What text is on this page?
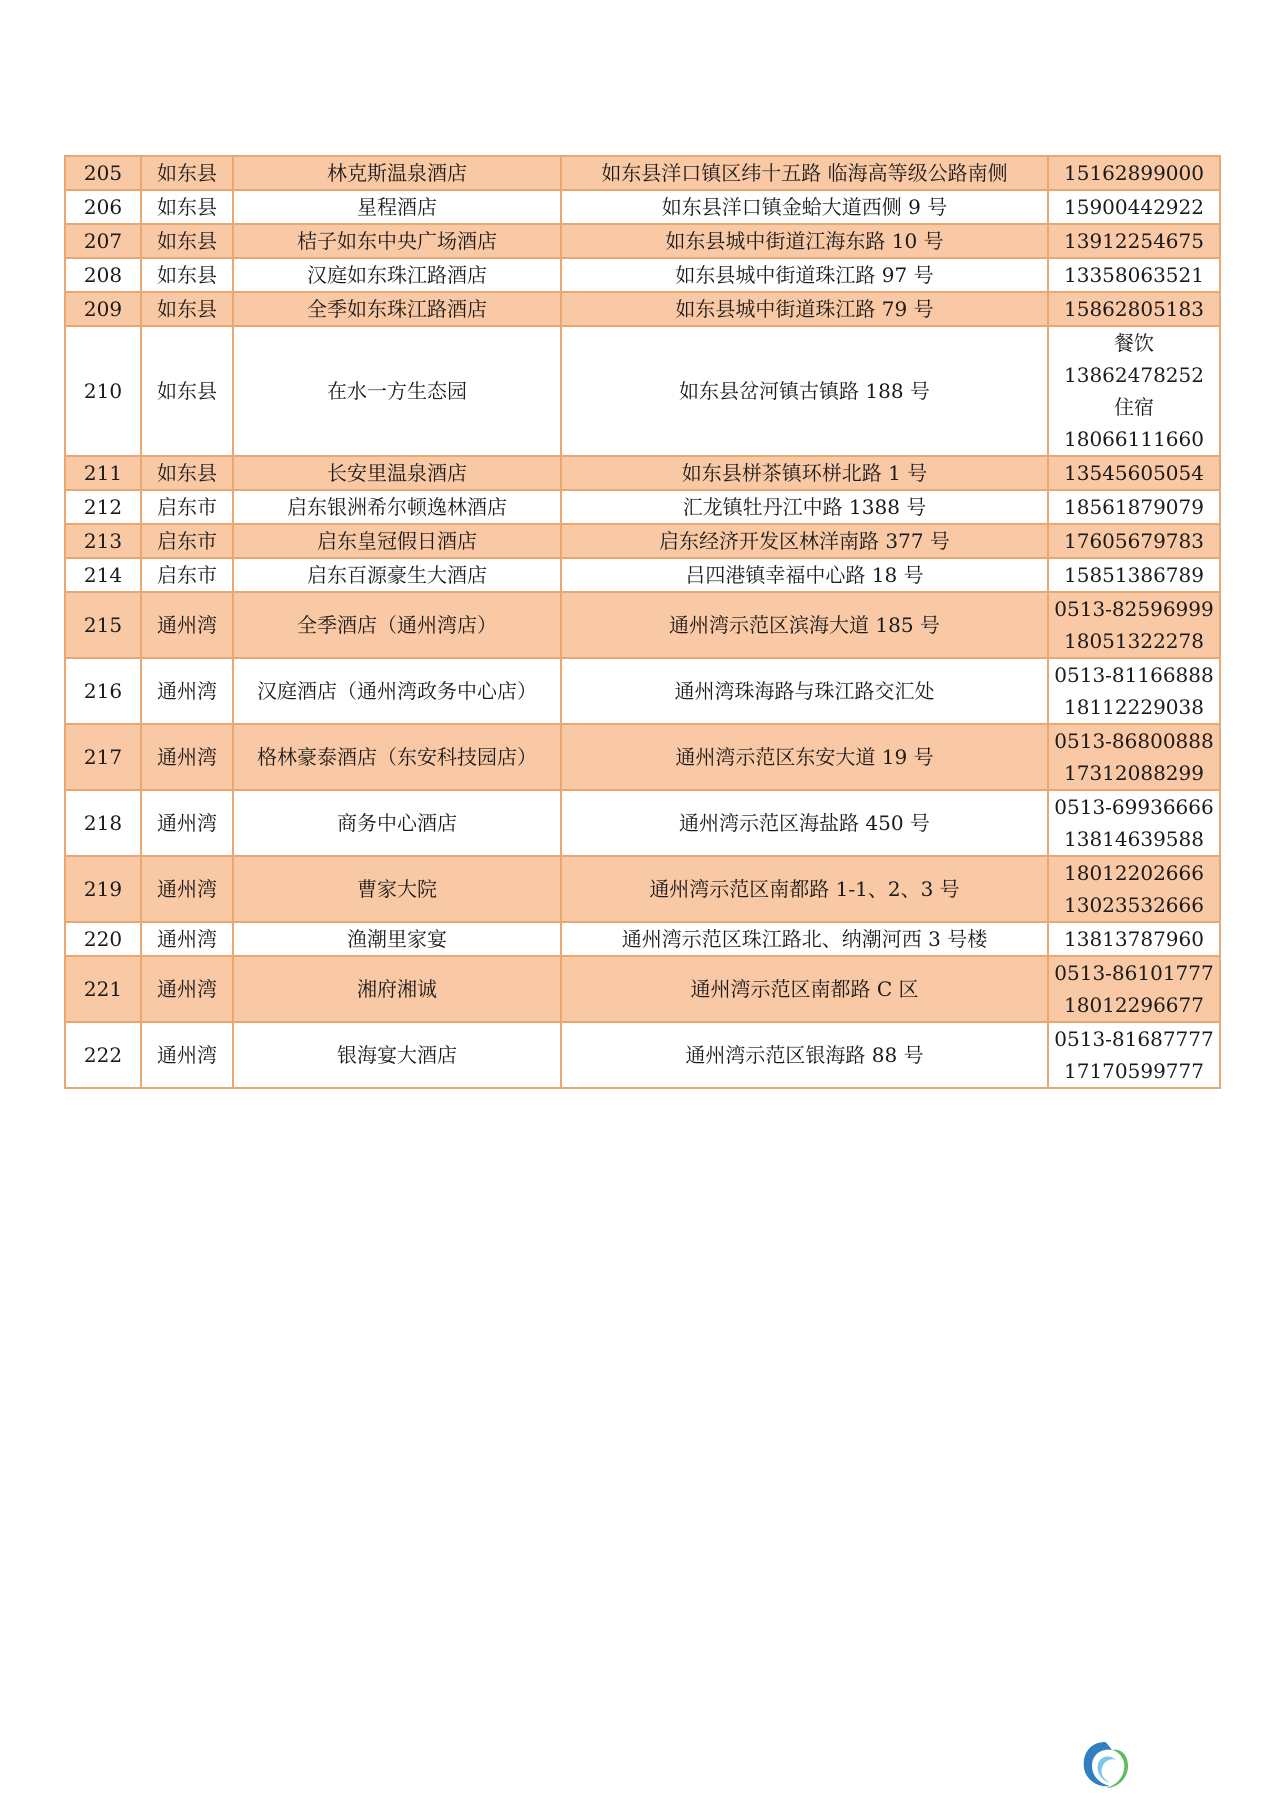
205	如东县	林克斯温泉酒店	如东县洋口镇区纬十五路 临海高等级公路南侧	15162899000

206	如东县	星程酒店	如东县洋口镇金蛤大道西侧 9 号	15900442922

207	如东县	桔子如东中央广场酒店	如东县城中街道江海东路 10 号	13912254675

208	如东县	汉庭如东珠江路酒店	如东县城中街道珠江路 97 号	13358063521

209	如东县	全季如东珠江路酒店	如东县城中街道珠江路 79 号	15862805183

210	如东县	在水一方生态园	如东县岔河镇古镇路 188 号	餐饮
13862478252
住宿
18066111660

211	如东县	长安里温泉酒店	如东县栟茶镇环栟北路 1 号	13545605054

212	启东市	启东银洲希尔顿逸林酒店	汇龙镇牡丹江中路 1388 号	18561879079

213	启东市	启东皇冠假日酒店	启东经济开发区林洋南路 377 号	17605679783

214	启东市	启东百源豪生大酒店	吕四港镇幸福中心路 18 号	15851386789

215	通州湾	全季酒店（通州湾店）	通州湾示范区滨海大道 185 号	0513-82596999
18051322278

216	通州湾	汉庭酒店（通州湾政务中心店）	通州湾珠海路与珠江路交汇处	0513-81166888
18112229038

217	通州湾	格林豪泰酒店（东安科技园店）	通州湾示范区东安大道 19 号	0513-86800888
17312088299

218	通州湾	商务中心酒店	通州湾示范区海盐路 450 号	0513-69936666
13814639588

219	通州湾	曹家大院	通州湾示范区南都路 1-1、2、3 号	18012202666
13023532666

220	通州湾	渔潮里家宴	通州湾示范区珠江路北、纳潮河西 3 号楼	13813787960

221	通州湾	湘府湘诚	通州湾示范区南都路 C 区	0513-86101777
18012296677

222	通州湾	银海宴大酒店	通州湾示范区银海路 88 号	0513-81687777
17170599777
